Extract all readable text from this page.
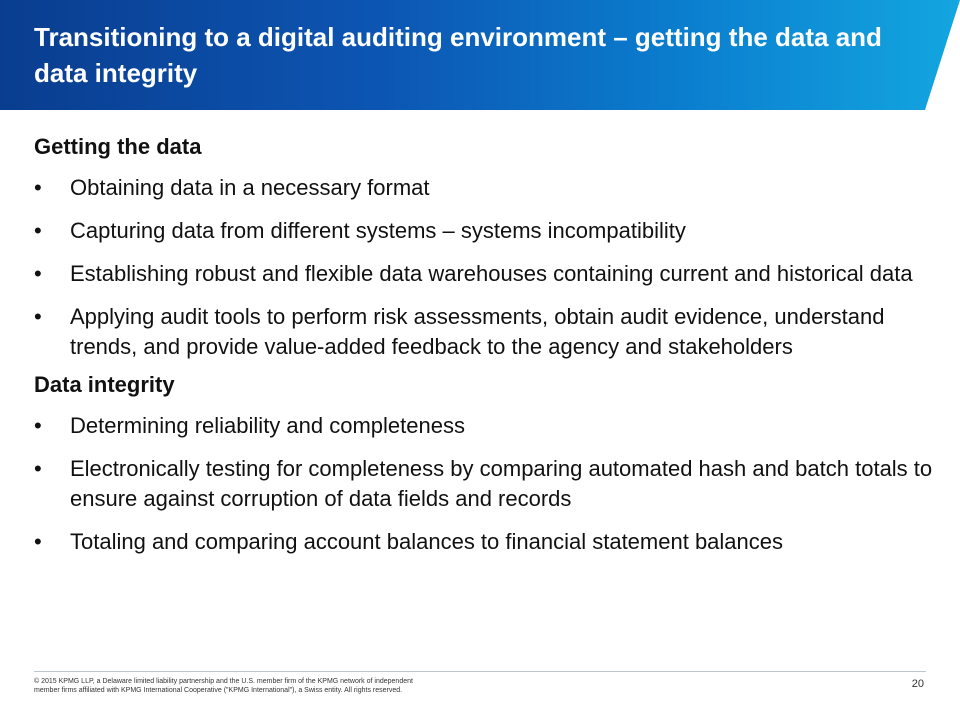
Transitioning to a digital auditing environment – getting the data and data integrity
Getting the data
• Obtaining data in a necessary format
• Capturing data from different systems – systems incompatibility
• Establishing robust and flexible data warehouses containing current and historical data
• Applying audit tools to perform risk assessments, obtain audit evidence, understand trends, and provide value-added feedback to the agency and stakeholders
Data integrity
• Determining reliability and completeness
• Electronically testing for completeness by comparing automated hash and batch totals to ensure against corruption of data fields and records
• Totaling and comparing account balances to financial statement balances
© 2015 KPMG LLP, a Delaware limited liability partnership and the U.S. member firm of the KPMG network of independent
member firms affiliated with KPMG International Cooperative ("KPMG International"), a Swiss entity. All rights reserved.
20
